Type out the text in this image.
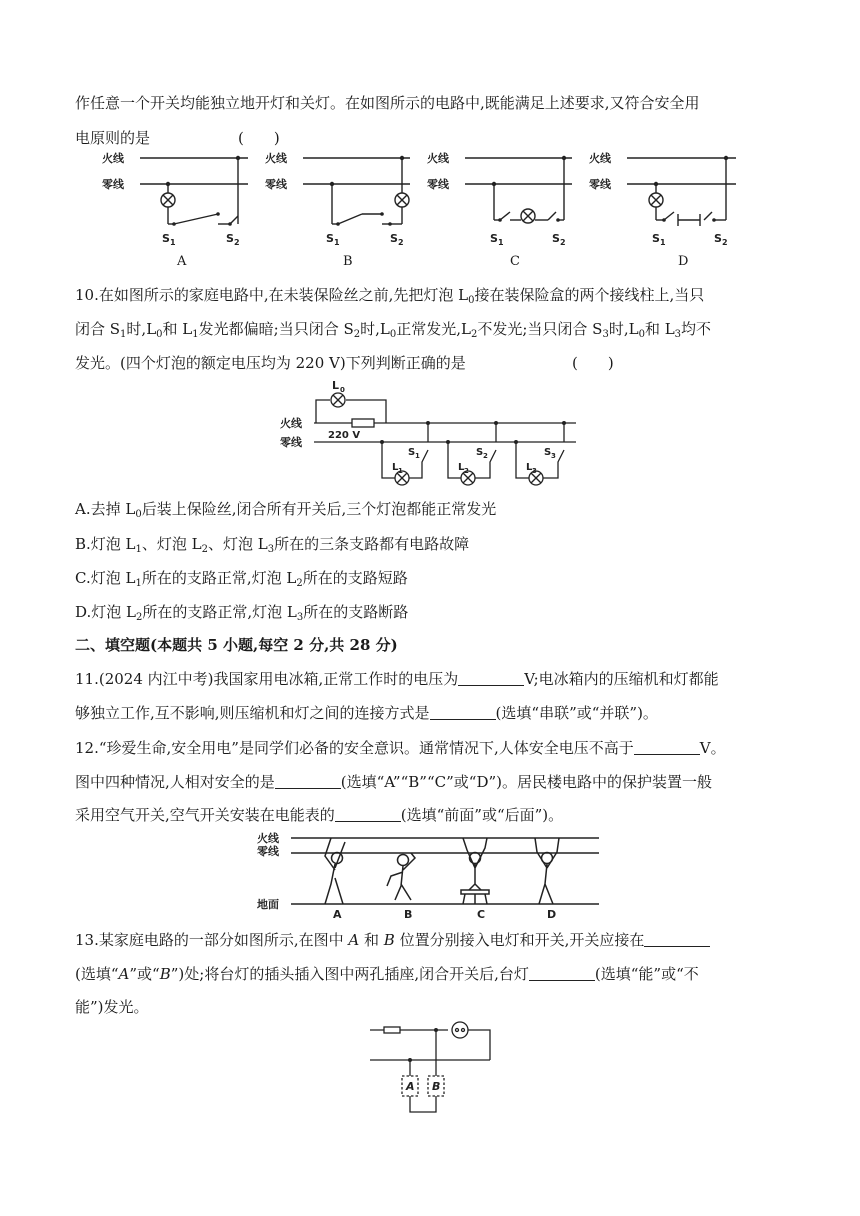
作任意一个开关均能独立地开灯和关灯。在如图所示的电路中,既能满足上述要求,又符合安全用
电原则的是	(　　)
火线
零线
火线
零线
火线
零线
火线
零线
S 1	S 2	S 1	S 2	S 1	S 2	S 1	S 2
A	B	C	D
10.在如图所示的家庭电路中,在未装保险丝之前,先把灯泡 $L_0$接在装保险盒的两个接线柱上,当只
闭合 $S_1$时$,L_0$和 $L_1$发光都偏暗;当只闭合 $S_2$时$,L_0$正常发光$,L_2$不发光;当只闭合 $S_3$时$,L_0$和 $L_3$均不
发光。(四个灯泡的额定电压均为 220 V)下列判断正确的是	(　　)
L 0
火线
零线
220 V
S 1	S 2	S 3
L 1	L 2	L 3
A.去掉 $L_0$后装上保险丝,闭合所有开关后,三个灯泡都能正常发光
B.灯泡 $L_1$、灯泡 $L_2$、灯泡 $L_3$所在的三条支路都有电路故障
C.灯泡 $L_1$所在的支路正常,灯泡 $L_2$所在的支路短路
D.灯泡 $L_2$所在的支路正常,灯泡 $L_3$所在的支路断路
二、填空题(本题共 5 小题,每空 2 分,共 28 分)
11.(2024 内江中考)我国家用电冰箱,正常工作时的电压为	V;电冰箱内的压缩机和灯都能
够独立工作,互不影响,则压缩机和灯之间的连接方式是	(选填“串联”或“并联”)。
12.“珍爱生命,安全用电”是同学们必备的安全意识。通常情况下,人体安全电压不高于	V。
图中四种情况,人相对安全的是	(选填“A”“B”“C”或“D”)。居民楼电路中的保护装置一般
采用空气开关,空气开关安装在电能表的	(选填“前面”或“后面”)。
火线
零线
地面
A	B	C	D
13.某家庭电路的一部分如图所示,在图中 A 和 B 位置分别接入电灯和开关,开关应接在
(选填“A”或“B”)处;将台灯的插头插入图中两孔插座,闭合开关后,台灯	(选填“能”或“不
能”)发光。
A B
